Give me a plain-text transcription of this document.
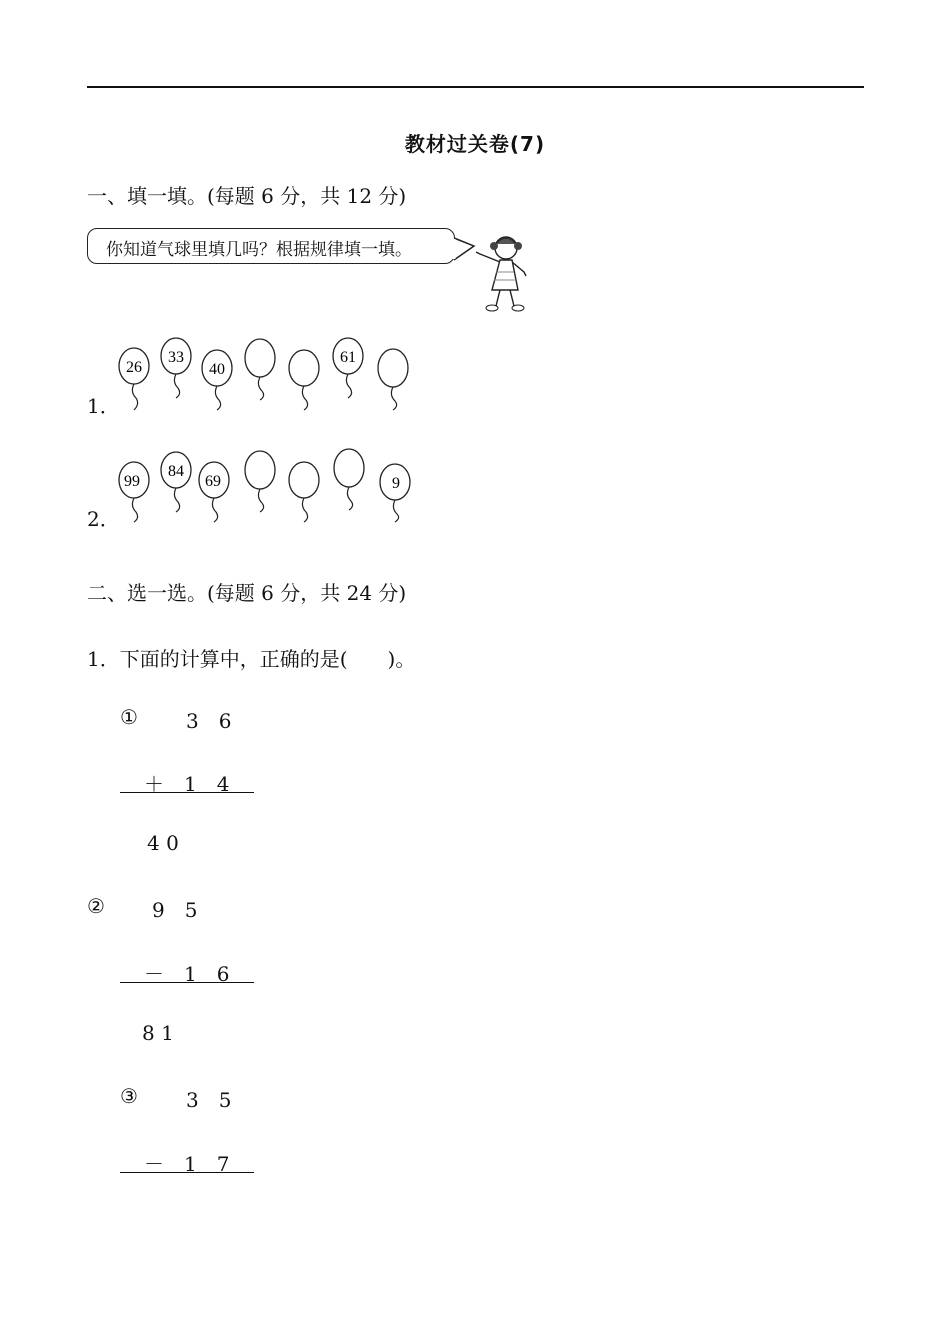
教材过关卷(7)
一、填一填。(每题 6 分，共 12 分)
你知道气球里填几吗？根据规律填一填。
1．
26
33
40
61
2．
99
84
69	9
二、选一选。(每题 6 分，共 24 分)
1．下面的计算中，正确的是(　　)。
① 3　6
＋　1　4
4 0
② 9　5
－　1　6
8 1
③ 3　5
－　1　7
